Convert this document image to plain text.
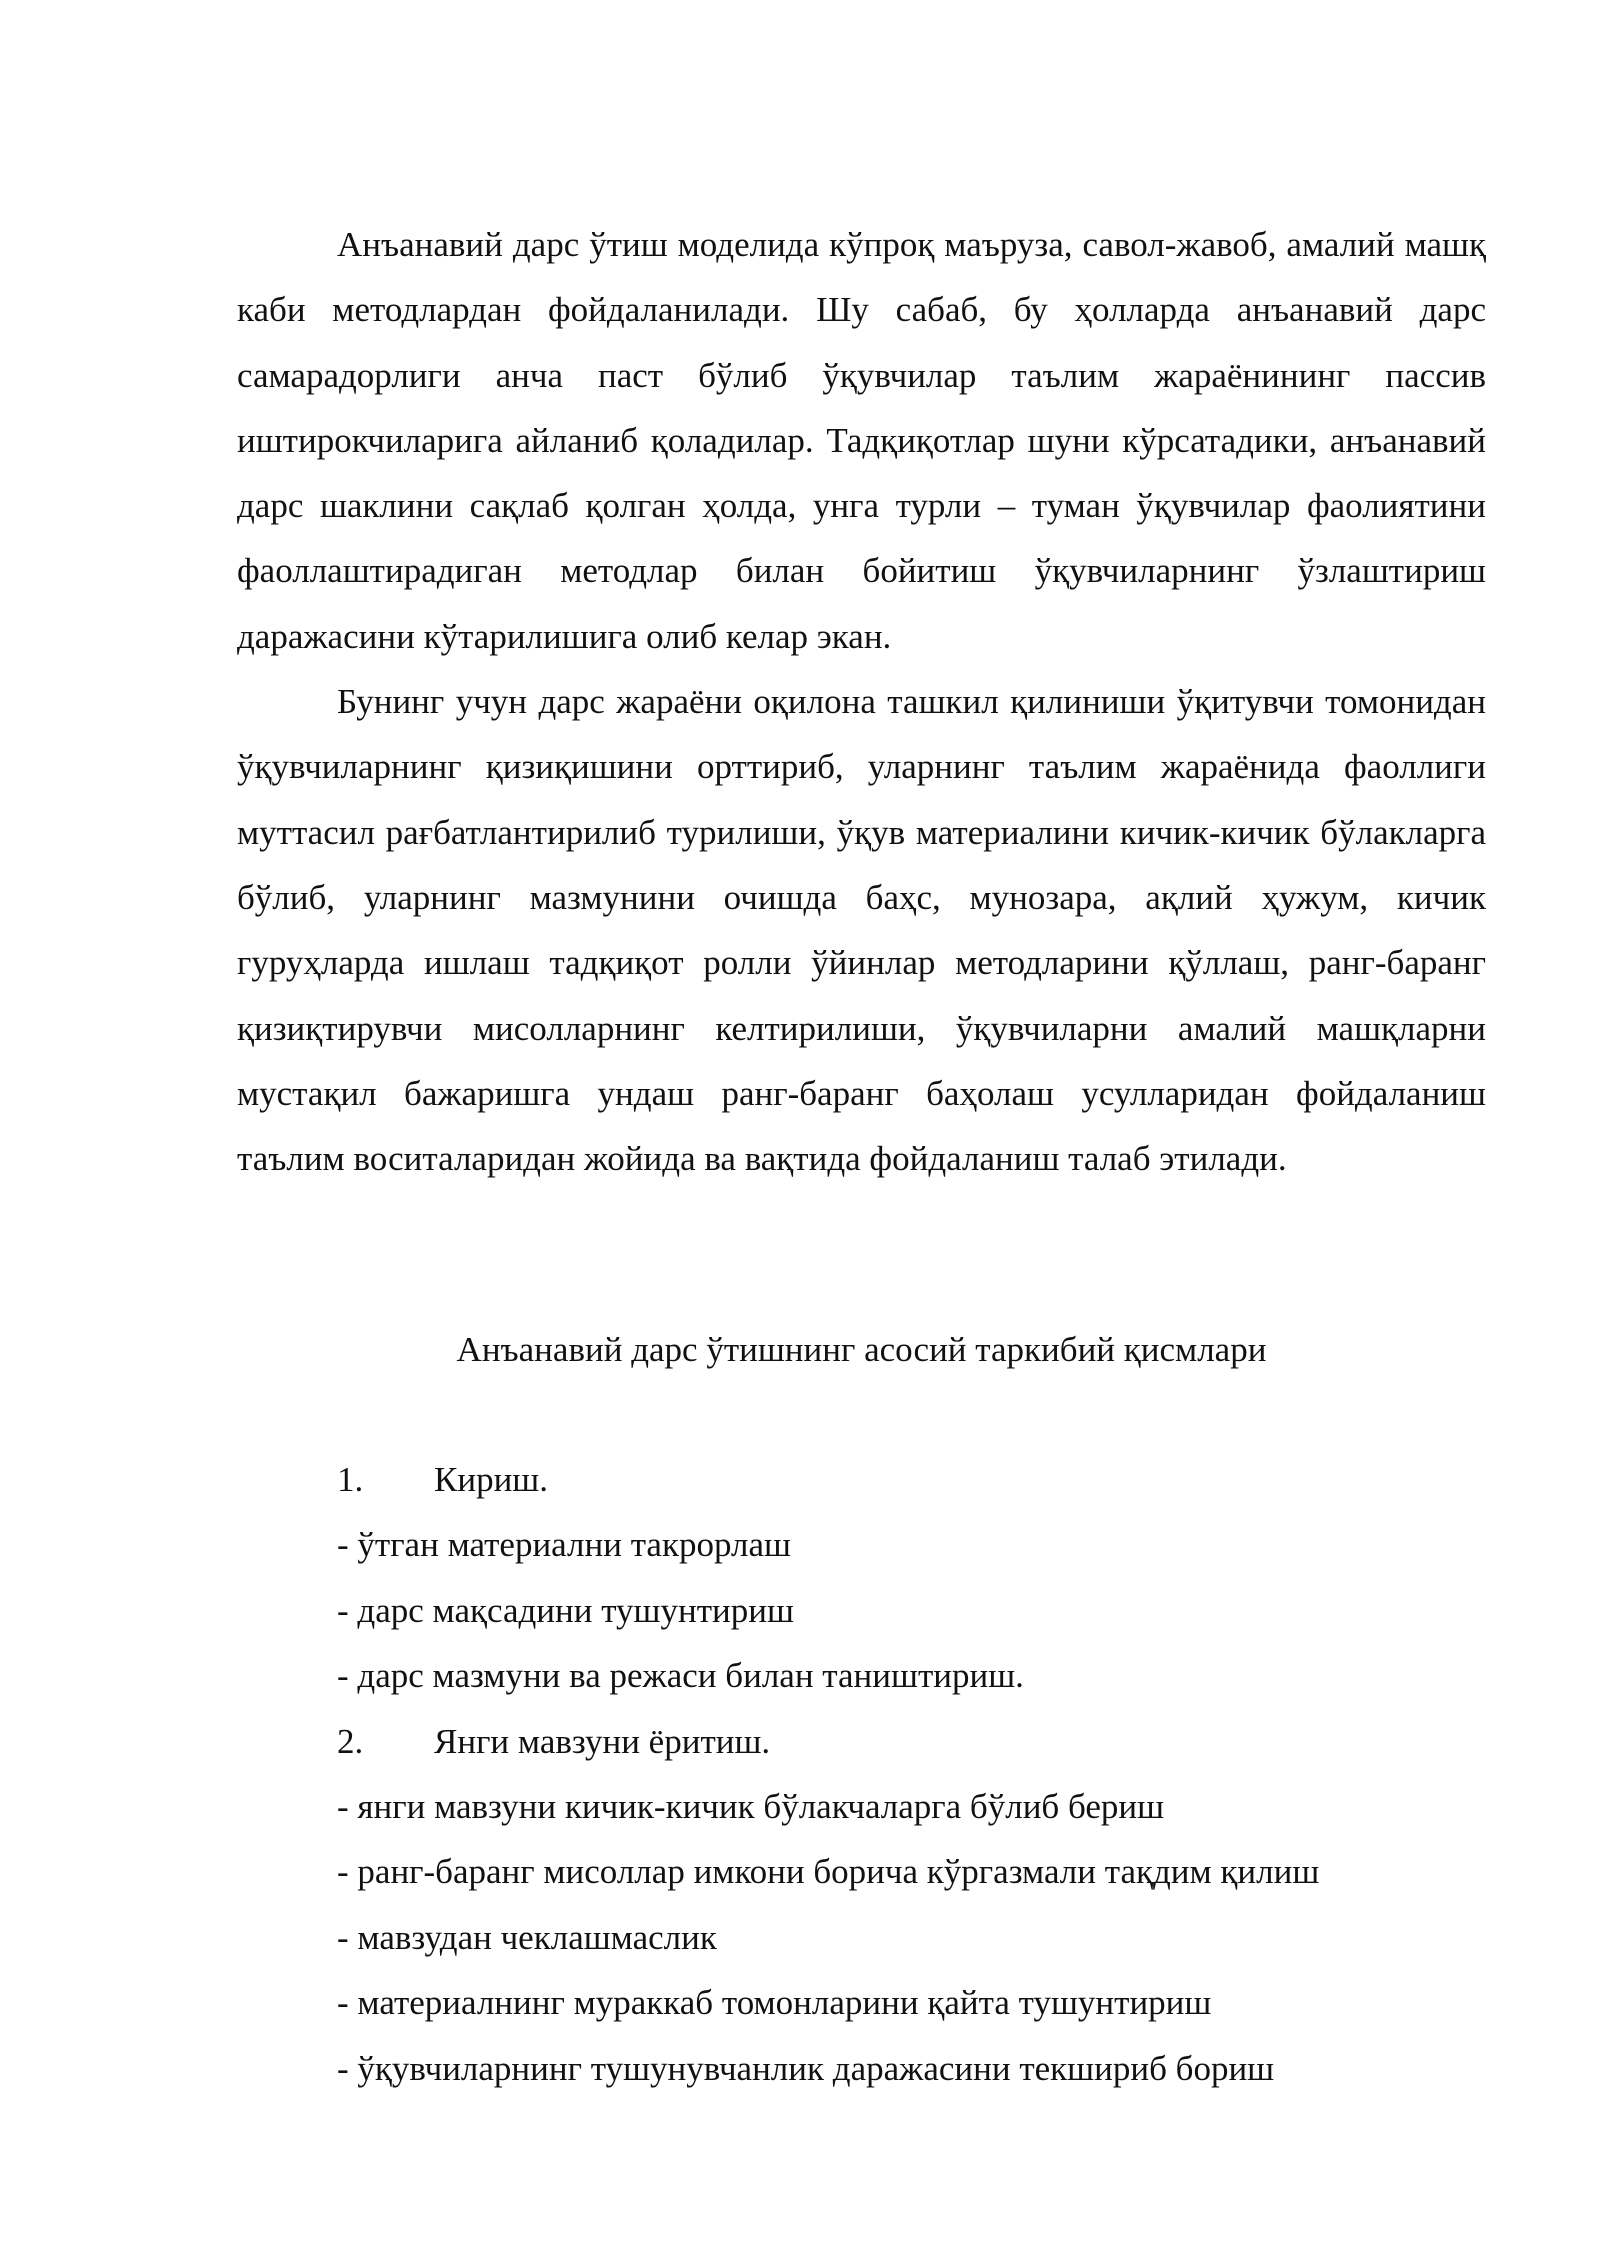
Анъанавий дарс ўтиш моделида кўпроқ маъруза, савол-жавоб, амалий машқ каби методлардан фойдаланилади. Шу сабаб, бу ҳолларда анъанавий дарс самарадорлиги анча паст бўлиб ўқувчилар таълим жараёнининг пассив иштирокчиларига айланиб қоладилар. Тадқиқотлар шуни кўрсатадики, анъанавий дарс шаклини сақлаб қолган ҳолда, унга турли – туман ўқувчилар фаолиятини фаоллаштирадиган методлар билан бойитиш ўқувчиларнинг ўзлаштириш даражасини кўтарилишига олиб келар экан.

Бунинг учун дарс жараёни оқилона ташкил қилиниши ўқитувчи томонидан ўқувчиларнинг қизиқишини орттириб, уларнинг таълим жараёнида фаоллиги муттасил рағбатлантирилиб турилиши, ўқув материалини кичик-кичик бўлакларга бўлиб, уларнинг мазмунини очишда баҳс, мунозара, ақлий ҳужум, кичик гуруҳларда ишлаш тадқиқот ролли ўйинлар методларини қўллаш, ранг-баранг қизиқтирувчи мисолларнинг келтирилиши, ўқувчиларни амалий машқларни мустақил бажаришга ундаш ранг-баранг баҳолаш усулларидан фойдаланиш таълим воситаларидан жойида ва вақтида фойдаланиш талаб этилади.

Анъанавий дарс ўтишнинг асосий таркибий қисмлари

1. Кириш.
- ўтган материални такрорлаш
- дарс мақсадини тушунтириш
- дарс мазмуни ва режаси билан таништириш.
2. Янги мавзуни ёритиш.
- янги мавзуни кичик-кичик бўлакчаларга бўлиб бериш
- ранг-баранг мисоллар имкони борича кўргазмали тақдим қилиш
- мавзудан чеклашмаслик
- материалнинг мураккаб томонларини қайта тушунтириш
- ўқувчиларнинг тушунувчанлик даражасини текшириб бориш
